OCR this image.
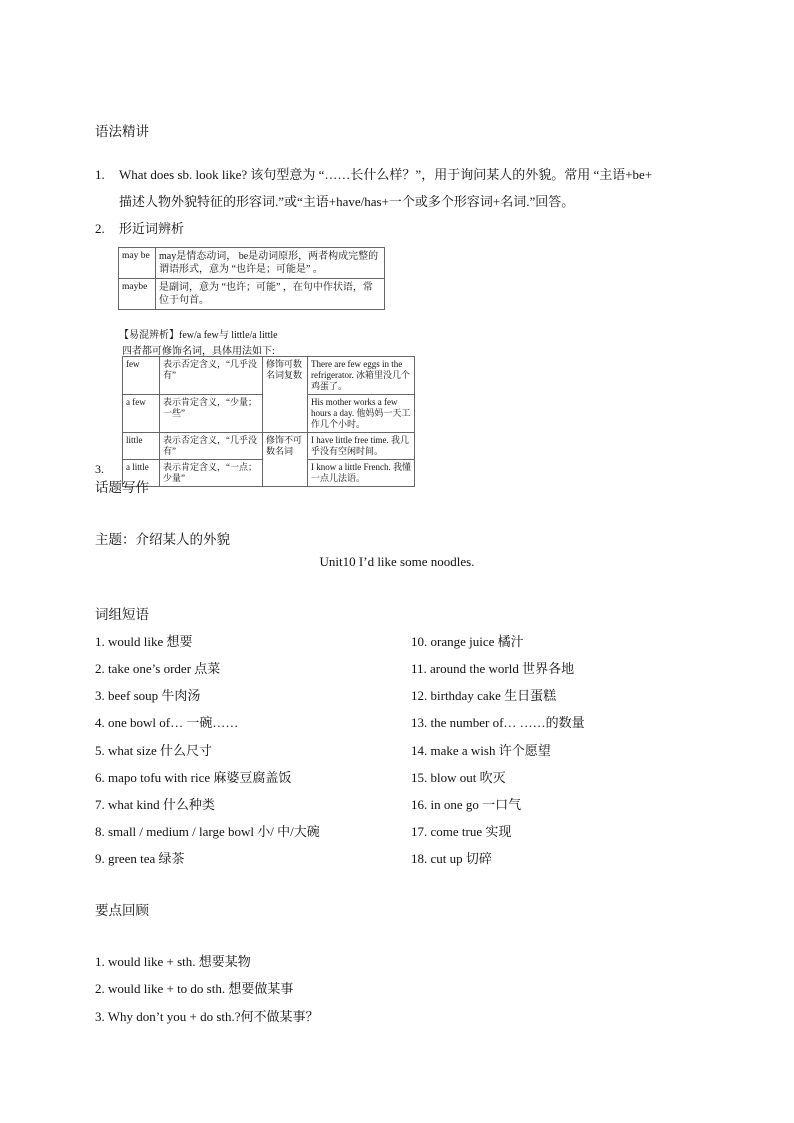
语法精讲
1. What does sb. look like? 该句型意为 “……长什么样？”，用于询问某人的外貌。常用 “主语+be+
描述人物外貌特征的形容词.”或“主语+have/has+一个或多个形容词+名词.”回答。
2. 形近词辨析
may be	may是情态动词， be是动词原形，两者构成完整的谓语形式，意为 “也许是；可能是” 。
maybe	是副词，意为 “也许；可能” ，在句中作状语，常位于句首。
【易混辨析】few/a few与 little/a little
四者都可修饰名词，具体用法如下:
few	表示否定含义，“几乎没有”	修饰可数名词复数	There are few eggs in the refrigerator. 冰箱里没几个鸡蛋了。
a few	表示肯定含义，“少量；一些”		His mother works a few hours a day. 他妈妈一天工作几个小时。
little	表示否定含义，“几乎没有”	修饰不可数名词	I have little free time. 我几乎没有空闲时间。
a little	表示肯定含义，“一点；少量”		I know a little French. 我懂一点儿法语。
3.
话题写作
主题：介绍某人的外貌
Unit10 I’d like some noodles.
词组短语
1. would like 想要
2. take one’s order 点菜
3. beef soup 牛肉汤
4. one bowl of… 一碗……
5. what size 什么尺寸
6. mapo tofu with rice 麻婆豆腐盖饭
7. what kind 什么种类
8. small / medium / large bowl 小/ 中/大碗
9. green tea 绿茶
10. orange juice 橘汁
11. around the world 世界各地
12. birthday cake 生日蛋糕
13. the number of… ……的数量
14. make a wish 许个愿望
15. blow out 吹灭
16. in one go 一口气
17. come true 实现
18. cut up 切碎
要点回顾
1. would like + sth. 想要某物
2. would like + to do sth. 想要做某事
3. Why don’t you + do sth.?何不做某事？
